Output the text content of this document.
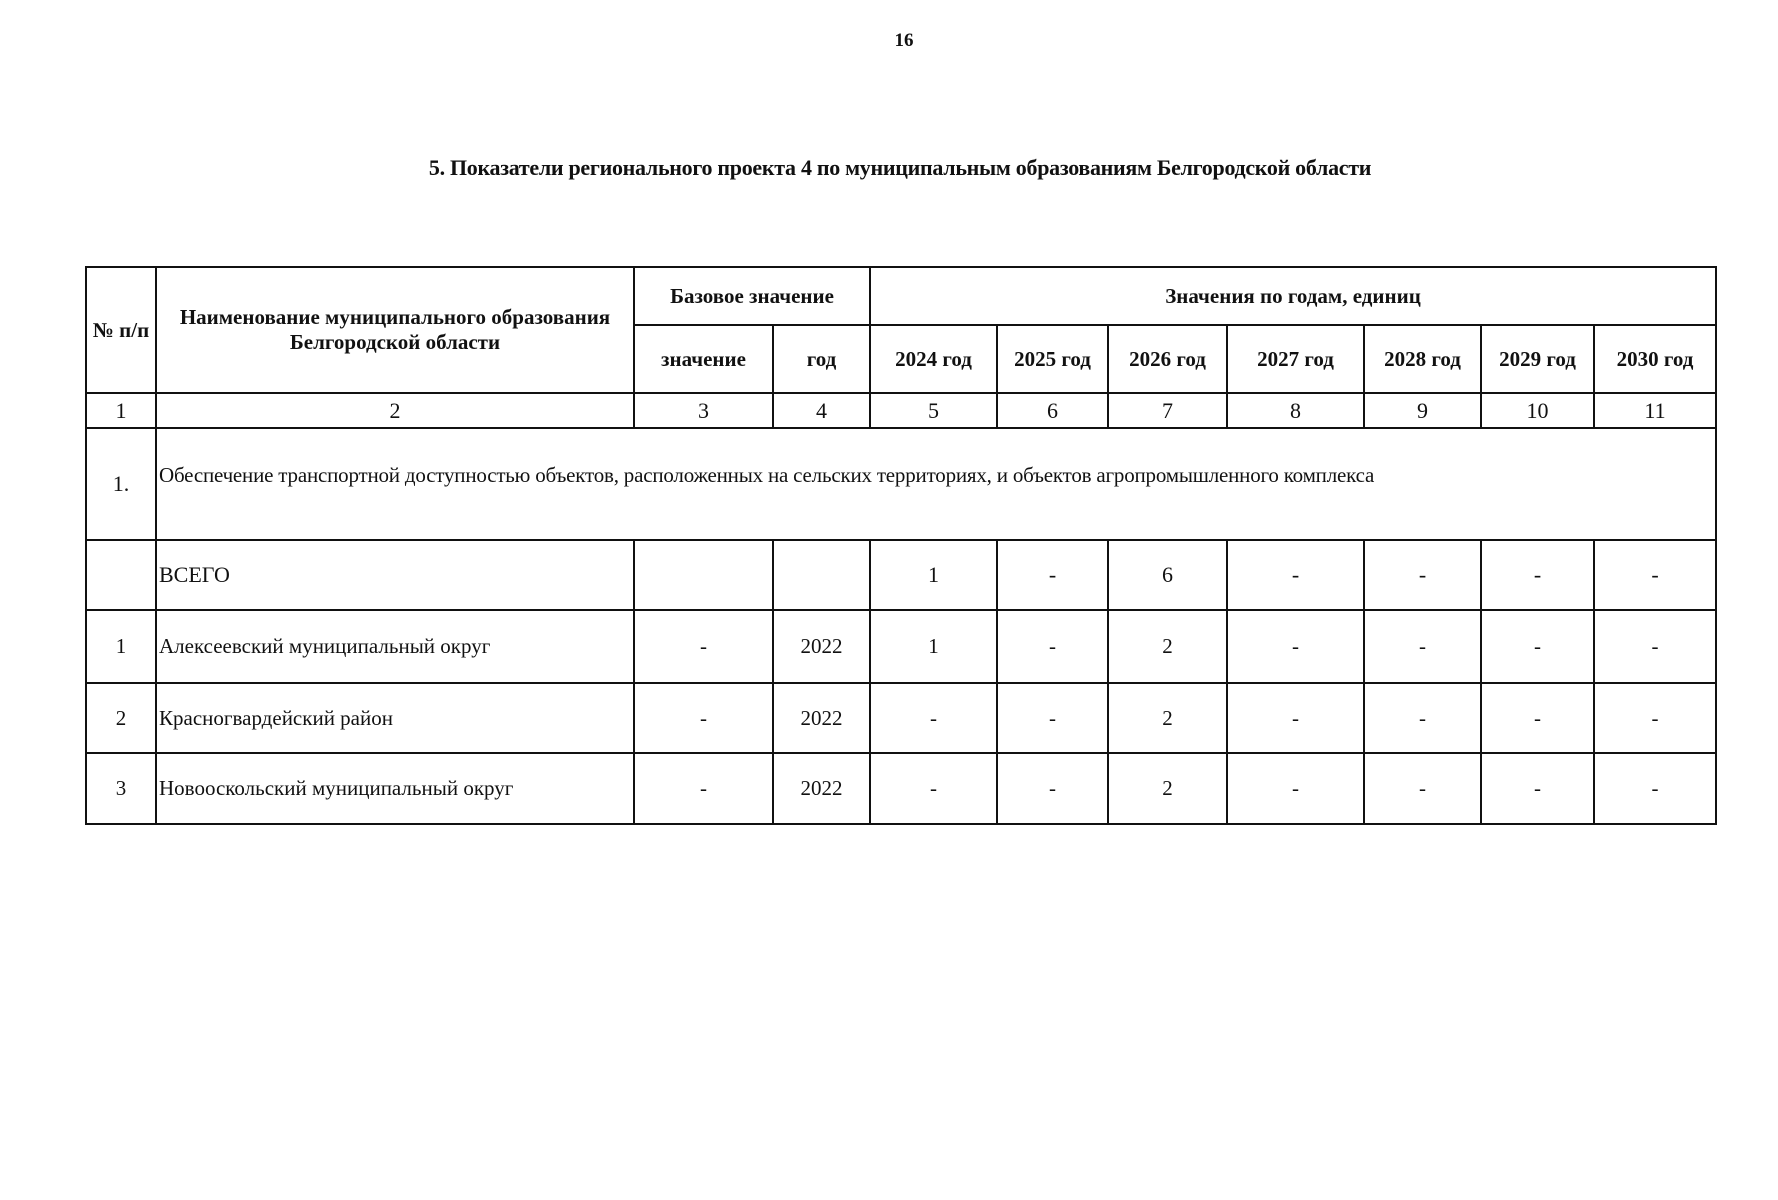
16
5. Показатели регионального проекта 4 по муниципальным образованиям Белгородской области
№ п/п	Наименование муниципального образования Белгородской области	Базовое значение		Значения по годам, единиц						
		значение	год	2024 год	2025 год	2026 год	2027 год	2028 год	2029 год	2030 год
1	2	3	4	5	6	7	8	9	10	11
1.	Обеспечение транспортной доступностью объектов, расположенных на сельских территориях, и объектов агропромышленного комплекса									
	ВСЕГО			1	-	6	-	-	-	-
1	Алексеевский муниципальный округ	-	2022	1	-	2	-	-	-	-
2	Красногвардейский район	-	2022	-	-	2	-	-	-	-
3	Новооскольский муниципальный округ	-	2022	-	-	2	-	-	-	-
